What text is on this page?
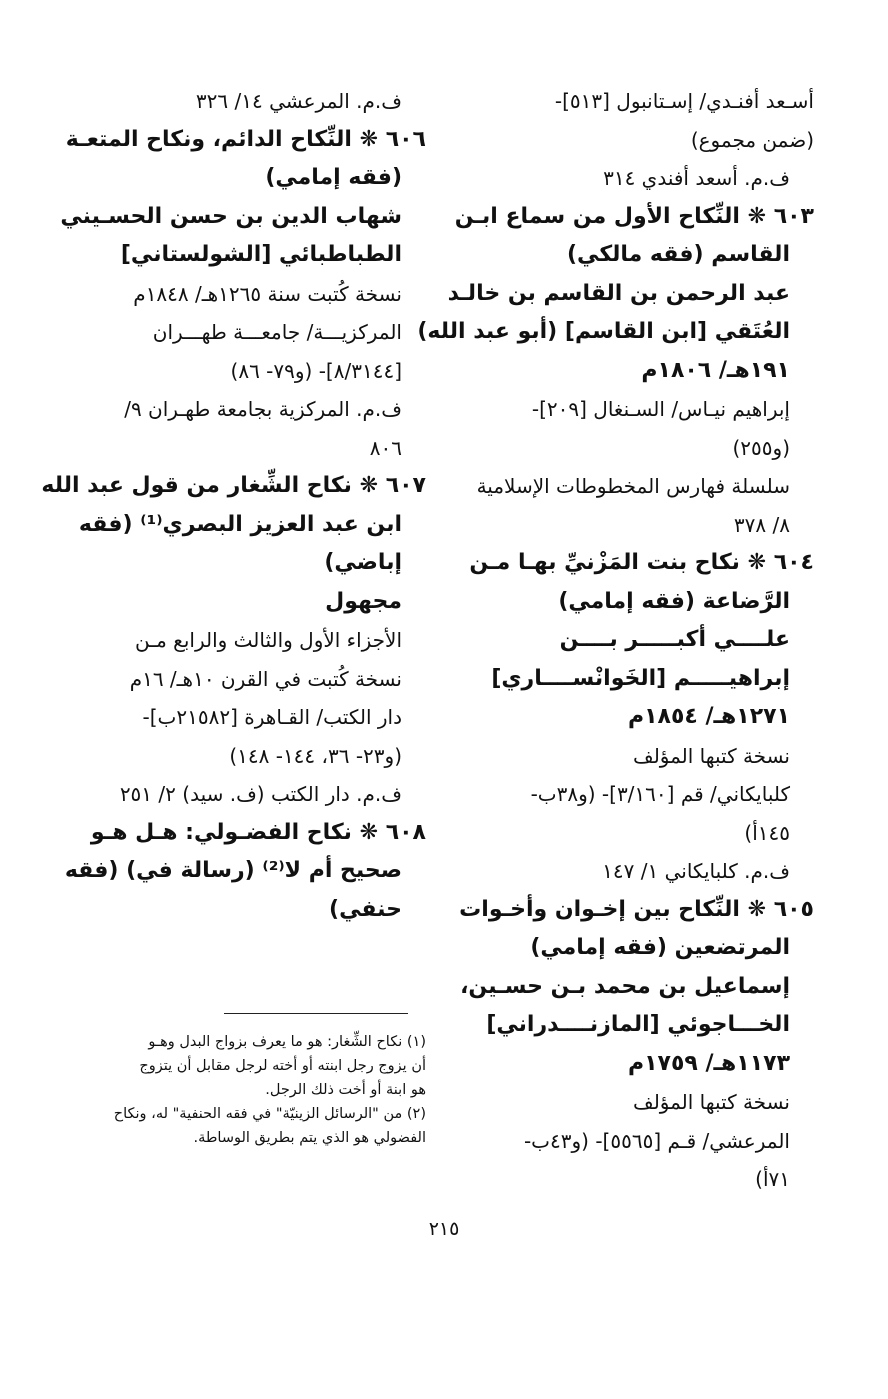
أسـعد أفنـدي/ إسـتانبول [٥١٣]-
(ضمن مجموع)
ف.م. أسعد أفندي ٣١٤
٦٠٣ ❋ النِّكاح الأول من سماع ابـن
القاسم (فقه مالكي)
عبد الرحمن بن القاسم بن خالـد
العُتَقي [ابن القاسم] (أبو عبد الله)
١٩١هـ/ ١٨٠٦م
إبراهيم نيـاس/ السـنغال [٢٠٩]-
(و٢٥٥)
سلسلة فهارس المخطوطات الإسلامية
٨/ ٣٧٨
٦٠٤ ❋ نكاح بنت المَزْنيِّ بهـا مـن
الرَّضاعة (فقه إمامي)
علــــي أكبـــــر بــــن
إبراهيـــــم [الخَوانْســــاري]
١٢٧١هـ/ ١٨٥٤م
نسخة كتبها المؤلف
كلبايكاني/ قم [٣/١٦٠]- (و٣٨ب-
١٤٥أ)
ف.م. كلبايكاني ١/ ١٤٧
٦٠٥ ❋ النِّكاح بين إخـوان وأخـوات
المرتضعين (فقه إمامي)
إسماعيل بن محمد بـن حسـين،
الخـــاجوئي [المازنــــدراني]
١١٧٣هـ/ ١٧٥٩م
نسخة كتبها المؤلف
المرعشي/ قـم [٥٥٦٥]- (و٤٣ب-
٧١أ)
ف.م. المرعشي ١٤/ ٣٢٦
٦٠٦ ❋ النِّكاح الدائم، ونكاح المتعـة
(فقه إمامي)
شهاب الدين بن حسن الحسـيني
الطباطبائي [الشولستاني]
نسخة كُتبت سنة ١٢٦٥هـ/ ١٨٤٨م
المركزيـــة/ جامعـــة طهـــران
[٨/٣١٤٤]- (و٧٩- ٨٦)
ف.م. المركزية بجامعة طهـران ٩/
٨٠٦
٦٠٧ ❋ نكاح الشِّغار من قول عبد الله
ابن عبد العزيز البصري⁽¹⁾ (فقه
إباضي)
مجهول
الأجزاء الأول والثالث والرابع مـن
نسخة كُتبت في القرن ١٠هـ/ ١٦م
دار الكتب/ القـاهرة [٢١٥٨٢ب]-
(و٢٣- ٣٦، ١٤٤- ١٤٨)
ف.م. دار الكتب (ف. سيد) ٢/ ٢٥١
٦٠٨ ❋ نكاح الفضـولي: هـل هـو
صحيح أم لا⁽²⁾ (رسالة في) (فقه
حنفي)
(١) نكاح الشِّغار: هو ما يعرف بزواج البدل وهـو
أن يزوج رجل ابنته أو أخته لرجل مقابل أن يتزوج
هو ابنة أو أخت ذلك الرجل.
(٢) من "الرسائل الزينيّة" في فقه الحنفية" له، ونكاح
الفضولي هو الذي يتم بطريق الوساطة.
٢١٥
